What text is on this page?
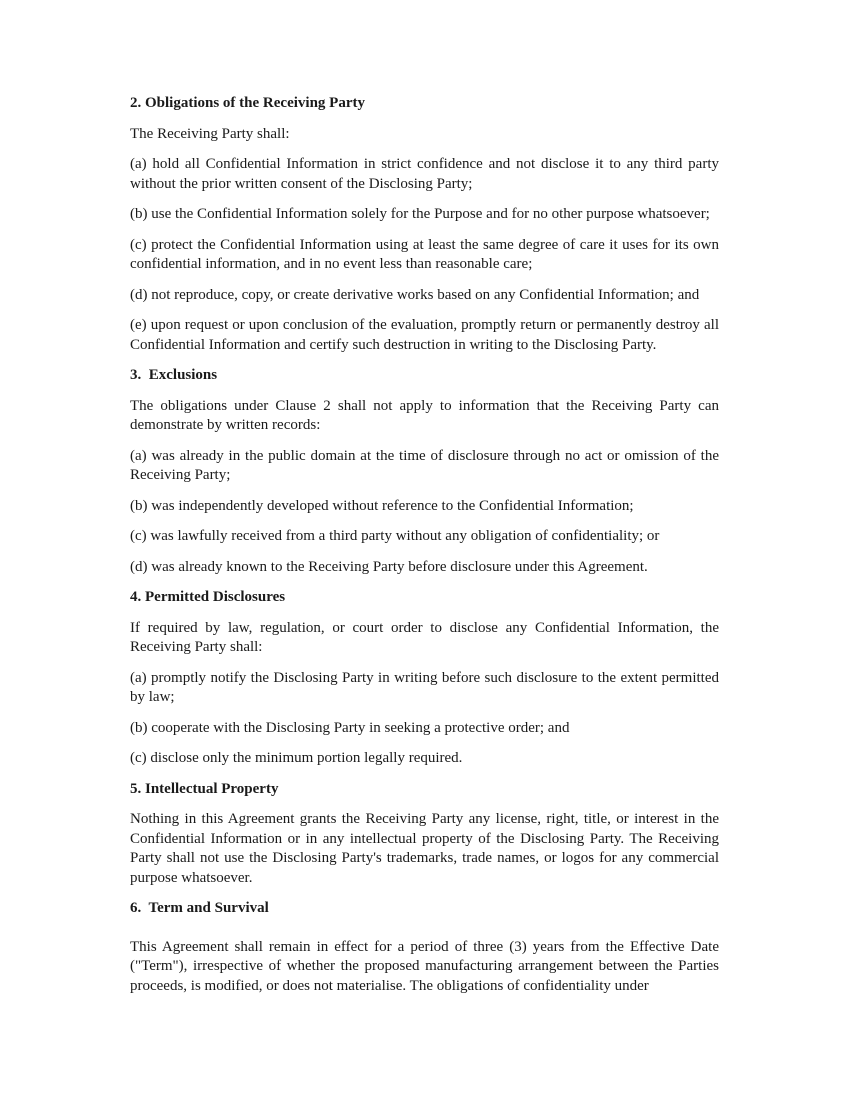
2. Obligations of the Receiving Party

The Receiving Party shall:

(a) hold all Confidential Information in strict confidence and not disclose it to any third party without the prior written consent of the Disclosing Party;

(b) use the Confidential Information solely for the Purpose and for no other purpose whatsoever;

(c) protect the Confidential Information using at least the same degree of care it uses for its own confidential information, and in no event less than reasonable care;

(d) not reproduce, copy, or create derivative works based on any Confidential Information; and

(e) upon request or upon conclusion of the evaluation, promptly return or permanently destroy all Confidential Information and certify such destruction in writing to the Disclosing Party.

3.  Exclusions

The obligations under Clause 2 shall not apply to information that the Receiving Party can demonstrate by written records:

(a) was already in the public domain at the time of disclosure through no act or omission of the Receiving Party;

(b) was independently developed without reference to the Confidential Information;

(c) was lawfully received from a third party without any obligation of confidentiality; or

(d) was already known to the Receiving Party before disclosure under this Agreement.

4. Permitted Disclosures

If required by law, regulation, or court order to disclose any Confidential Information, the Receiving Party shall:

(a) promptly notify the Disclosing Party in writing before such disclosure to the extent permitted by law;

(b) cooperate with the Disclosing Party in seeking a protective order; and

(c) disclose only the minimum portion legally required.

5. Intellectual Property

Nothing in this Agreement grants the Receiving Party any license, right, title, or interest in the Confidential Information or in any intellectual property of the Disclosing Party. The Receiving Party shall not use the Disclosing Party's trademarks, trade names, or logos for any commercial purpose whatsoever.

6.  Term and Survival

This Agreement shall remain in effect for a period of three (3) years from the Effective Date ("Term"), irrespective of whether the proposed manufacturing arrangement between the Parties proceeds, is modified, or does not materialise. The obligations of confidentiality under
